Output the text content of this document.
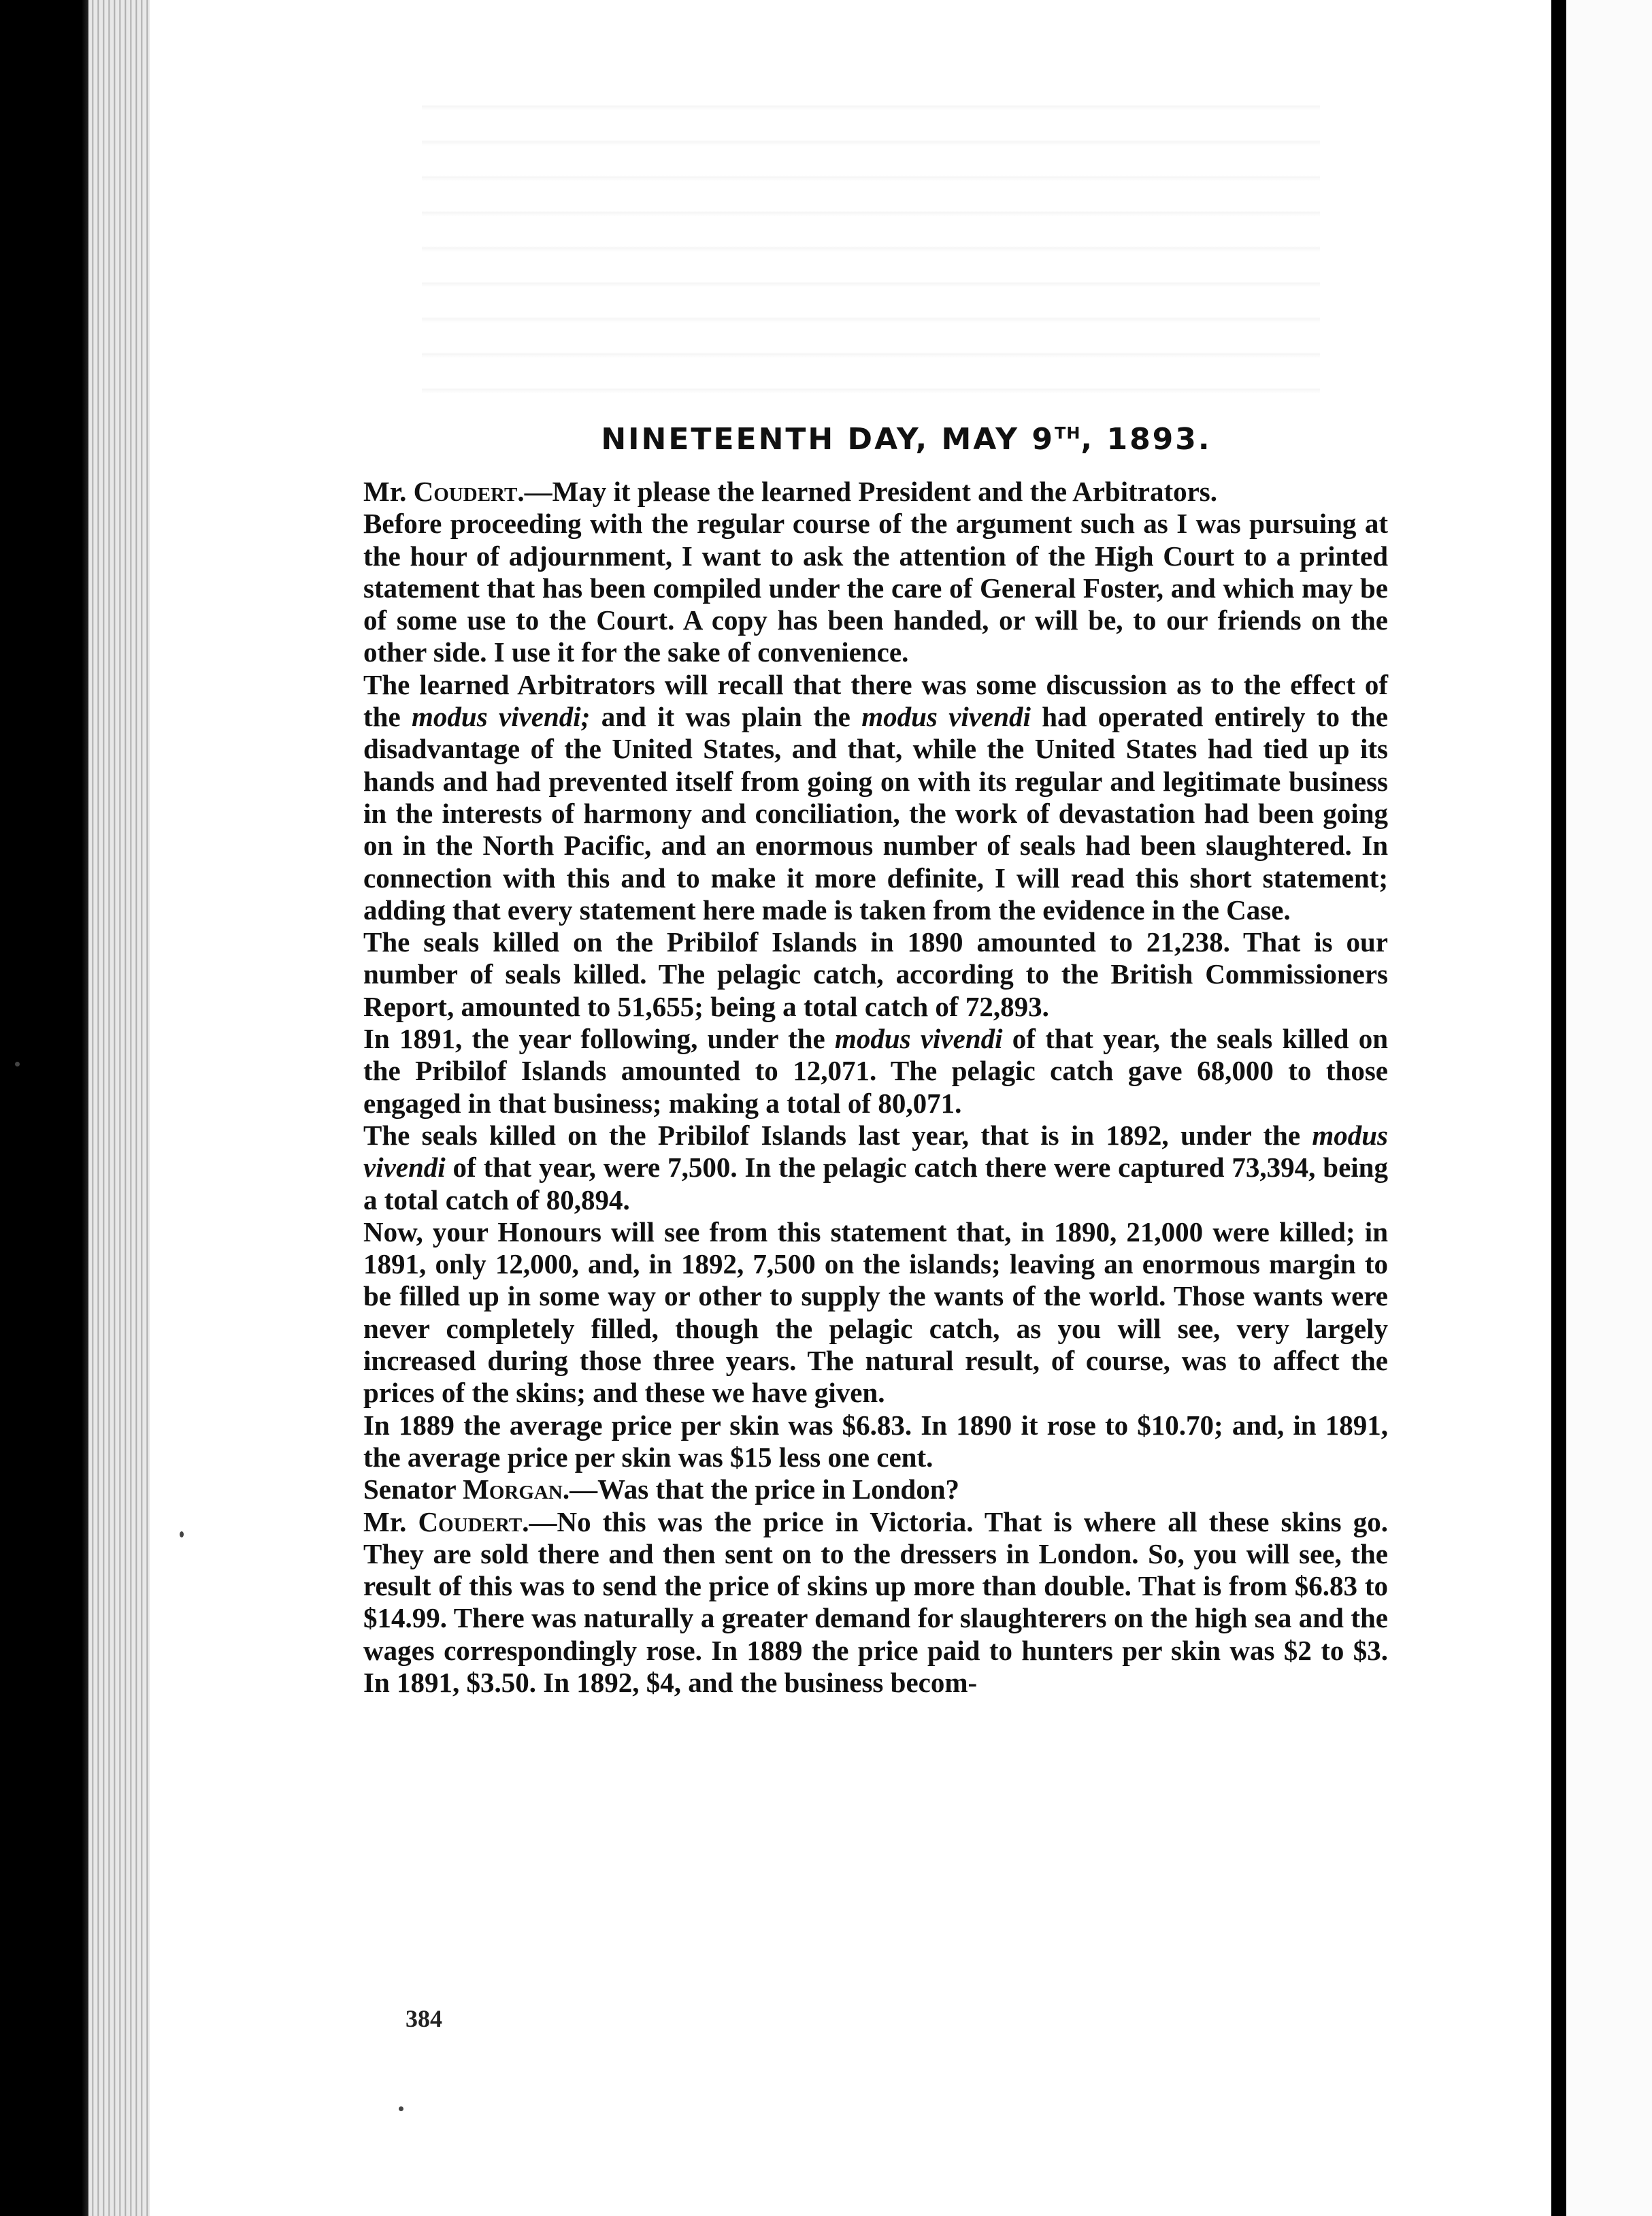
NINETEENTH DAY, MAY 9TH, 1893.

Mr. Coudert.—May it please the learned President and the Arbitrators.

Before proceeding with the regular course of the argument such as I was pursuing at the hour of adjournment, I want to ask the attention of the High Court to a printed statement that has been compiled under the care of General Foster, and which may be of some use to the Court. A copy has been handed, or will be, to our friends on the other side. I use it for the sake of convenience.

The learned Arbitrators will recall that there was some discussion as to the effect of the modus vivendi; and it was plain the modus vivendi had operated entirely to the disadvantage of the United States, and that, while the United States had tied up its hands and had prevented itself from going on with its regular and legitimate business in the interests of harmony and conciliation, the work of devastation had been going on in the North Pacific, and an enormous number of seals had been slaughtered. In connection with this and to make it more definite, I will read this short statement; adding that every statement here made is taken from the evidence in the Case.

The seals killed on the Pribilof Islands in 1890 amounted to 21,238. That is our number of seals killed. The pelagic catch, according to the British Commissioners Report, amounted to 51,655; being a total catch of 72,893.

In 1891, the year following, under the modus vivendi of that year, the seals killed on the Pribilof Islands amounted to 12,071. The pelagic catch gave 68,000 to those engaged in that business; making a total of 80,071.

The seals killed on the Pribilof Islands last year, that is in 1892, under the modus vivendi of that year, were 7,500. In the pelagic catch there were captured 73,394, being a total catch of 80,894.

Now, your Honours will see from this statement that, in 1890, 21,000 were killed; in 1891, only 12,000, and, in 1892, 7,500 on the islands; leaving an enormous margin to be filled up in some way or other to supply the wants of the world. Those wants were never completely filled, though the pelagic catch, as you will see, very largely increased during those three years. The natural result, of course, was to affect the prices of the skins; and these we have given.

In 1889 the average price per skin was $6.83. In 1890 it rose to $10.70; and, in 1891, the average price per skin was $15 less one cent.

Senator Morgan.—Was that the price in London?

Mr. Coudert.—No this was the price in Victoria. That is where all these skins go. They are sold there and then sent on to the dressers in London. So, you will see, the result of this was to send the price of skins up more than double. That is from $6.83 to $14.99. There was naturally a greater demand for slaughterers on the high sea and the wages correspondingly rose. In 1889 the price paid to hunters per skin was $2 to $3. In 1891, $3.50. In 1892, $4, and the business becom-

384
